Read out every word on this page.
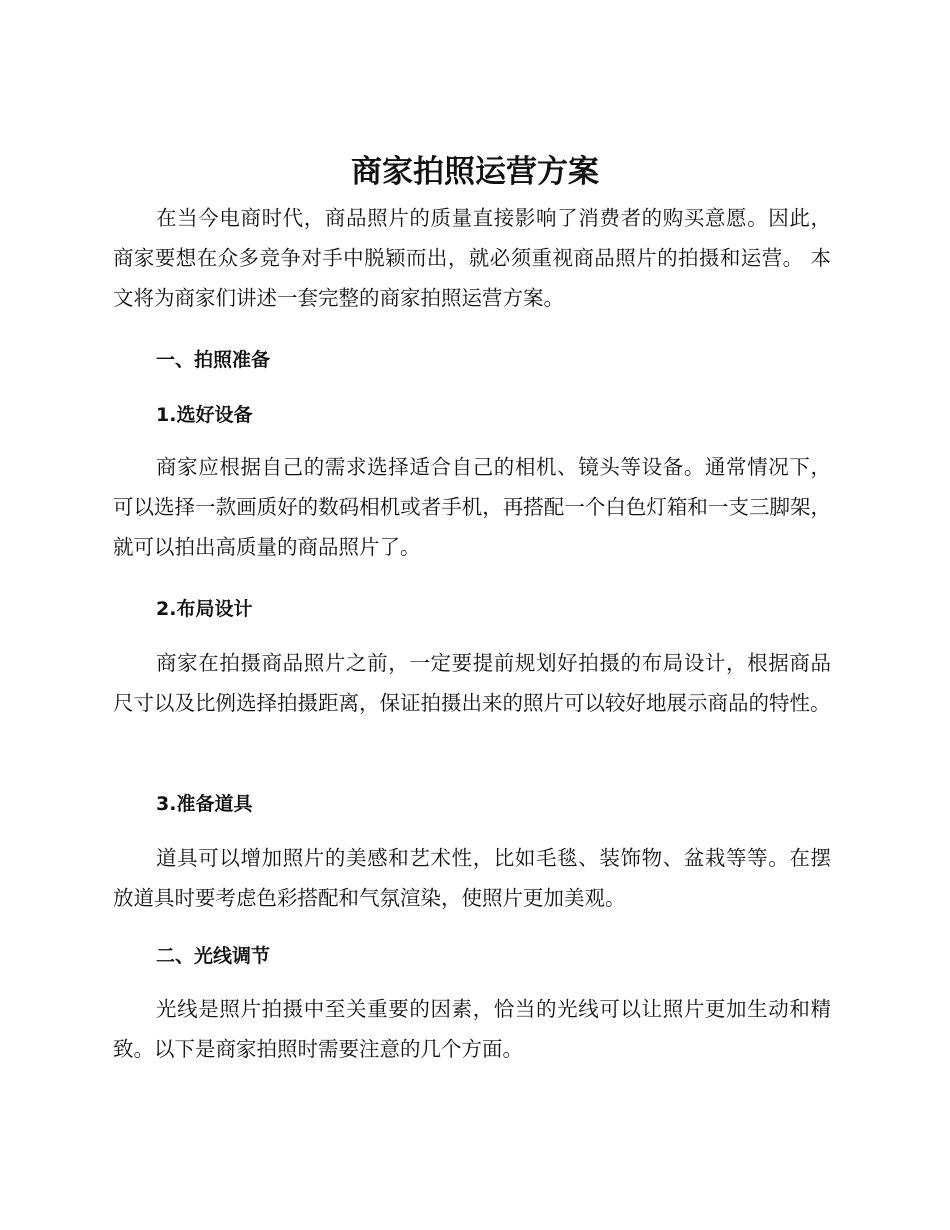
商家拍照运营方案

在当今电商时代，商品照片的质量直接影响了消费者的购买意愿。因此，商家要想在众多竞争对手中脱颖而出，就必须重视商品照片的拍摄和运营。 本文将为商家们讲述一套完整的商家拍照运营方案。

一、拍照准备
1.选好设备

商家应根据自己的需求选择适合自己的相机、镜头等设备。通常情况下，可以选择一款画质好的数码相机或者手机，再搭配一个白色灯箱和一支三脚架，就可以拍出高质量的商品照片了。

2.布局设计

商家在拍摄商品照片之前，一定要提前规划好拍摄的布局设计，根据商品尺寸以及比例选择拍摄距离，保证拍摄出来的照片可以较好地展示商品的特性。

3.准备道具

道具可以增加照片的美感和艺术性，比如毛毯、装饰物、盆栽等等。在摆放道具时要考虑色彩搭配和气氛渲染，使照片更加美观。

二、光线调节

光线是照片拍摄中至关重要的因素，恰当的光线可以让照片更加生动和精致。以下是商家拍照时需要注意的几个方面。
